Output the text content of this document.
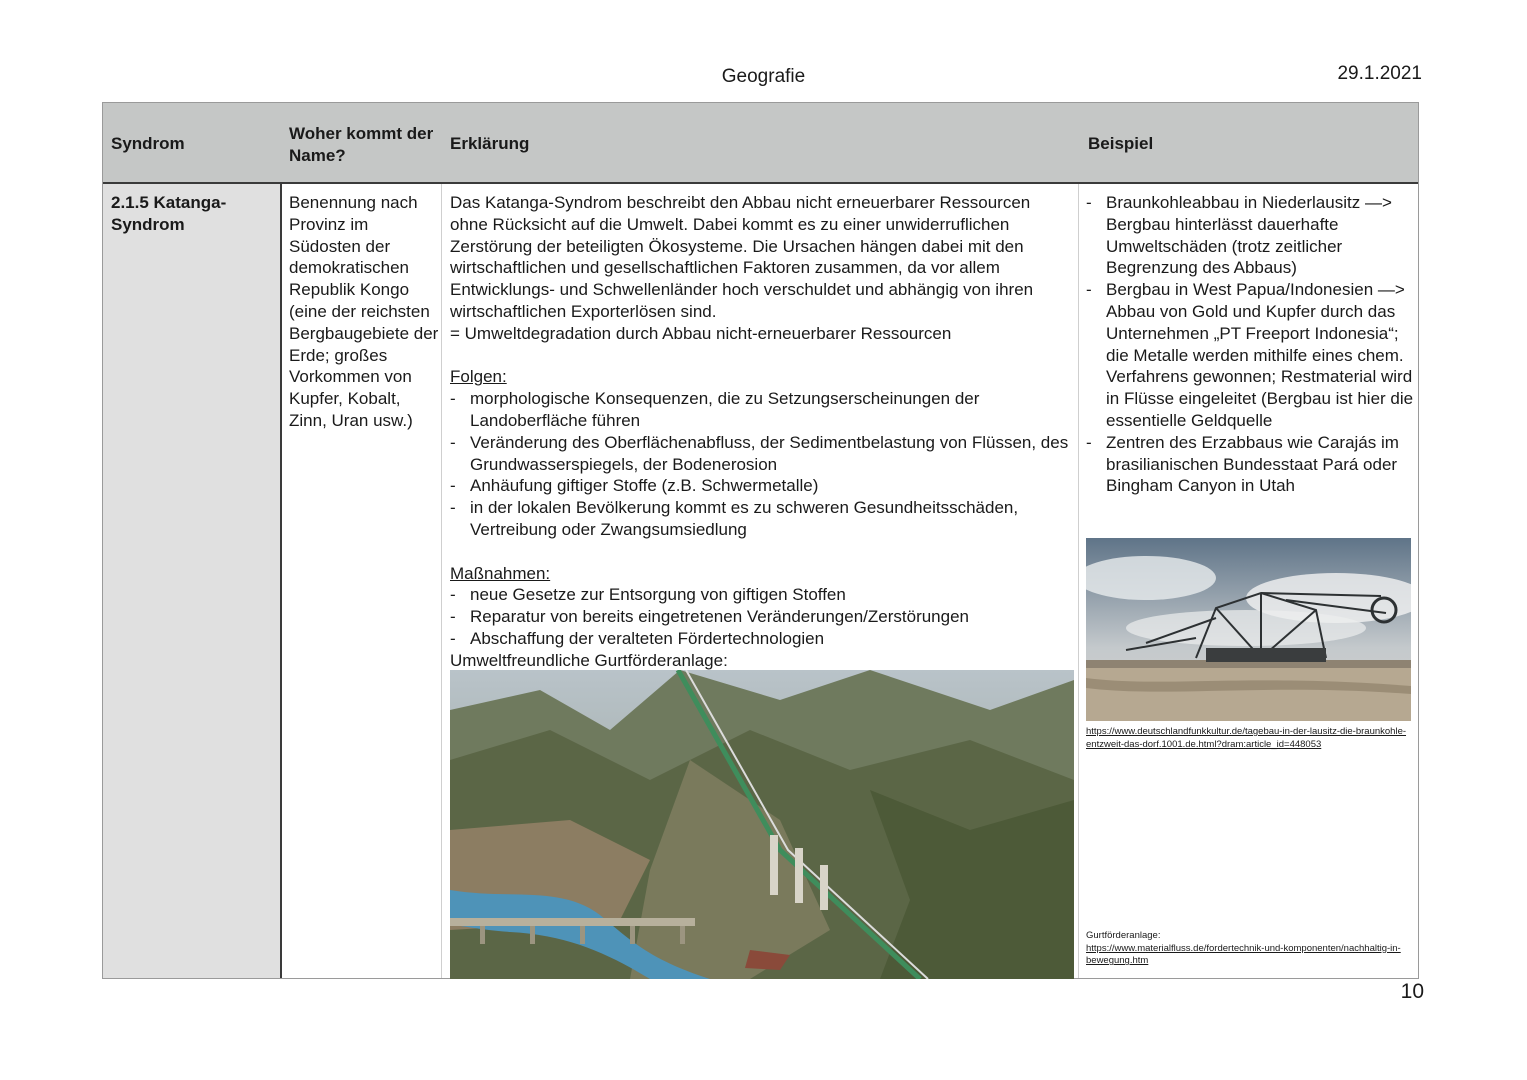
Geografie	29.1.2021
Syndrom
Woher kommt der Name?
Erklärung	Beispiel
2.1.5 Katanga-Syndrom
Benennung nach Provinz im Südosten der demokratischen Republik Kongo (eine der reichsten Bergbaugebiete der Erde; großes Vorkommen von Kupfer, Kobalt, Zinn, Uran usw.)
Das Katanga-Syndrom beschreibt den Abbau nicht erneuerbarer Ressourcen ohne Rücksicht auf die Umwelt. Dabei kommt es zu einer unwiderruflichen Zerstörung der beteiligten Ökosysteme. Die Ursachen hängen dabei mit den wirtschaftlichen und gesellschaftlichen Faktoren zusammen, da vor allem Entwicklungs- und Schwellenländer hoch verschuldet und abhängig von ihren wirtschaftlichen Exporterlösen sind.
= Umweltdegradation durch Abbau nicht-erneuerbarer Ressourcen
Folgen:
- morphologische Konsequenzen, die zu Setzungserscheinungen der Landoberfläche führen
- Veränderung des Oberflächenabfluss, der Sedimentbelastung von Flüssen, des Grundwasserspiegels, der Bodenerosion
- Anhäufung giftiger Stoffe (z.B. Schwermetalle)
- in der lokalen Bevölkerung kommt es zu schweren Gesundheitsschäden, Vertreibung oder Zwangsumsiedlung
Maßnahmen:
- neue Gesetze zur Entsorgung von giftigen Stoffen
- Reparatur von bereits eingetretenen Veränderungen/Zerstörungen
- Abschaffung der veralteten Fördertechnologien
Umweltfreundliche Gurtförderanlage:
- Braunkohleabbau in Niederlausitz —> Bergbau hinterlässt dauerhafte Umweltschäden (trotz zeitlicher Begrenzung des Abbaus)
- Bergbau in West Papua/Indonesien —> Abbau von Gold und Kupfer durch das Unternehmen „PT Freeport Indonesia“; die Metalle werden mithilfe eines chem. Verfahrens gewonnen; Restmaterial wird in Flüsse eingeleitet (Bergbau ist hier die essentielle Geldquelle
- Zentren des Erzabbaus wie Carajás im brasilianischen Bundesstaat Pará oder Bingham Canyon in Utah
https://www.deutschlandfunkkultur.de/tagebau-in-der-lausitz-die-braunkohle-entzweit-das-dorf.1001.de.html?dram:article_id=448053
Gurtförderanlage:
https://www.materialfluss.de/fordertechnik-und-komponenten/nachhaltig-in-bewegung.htm
10
